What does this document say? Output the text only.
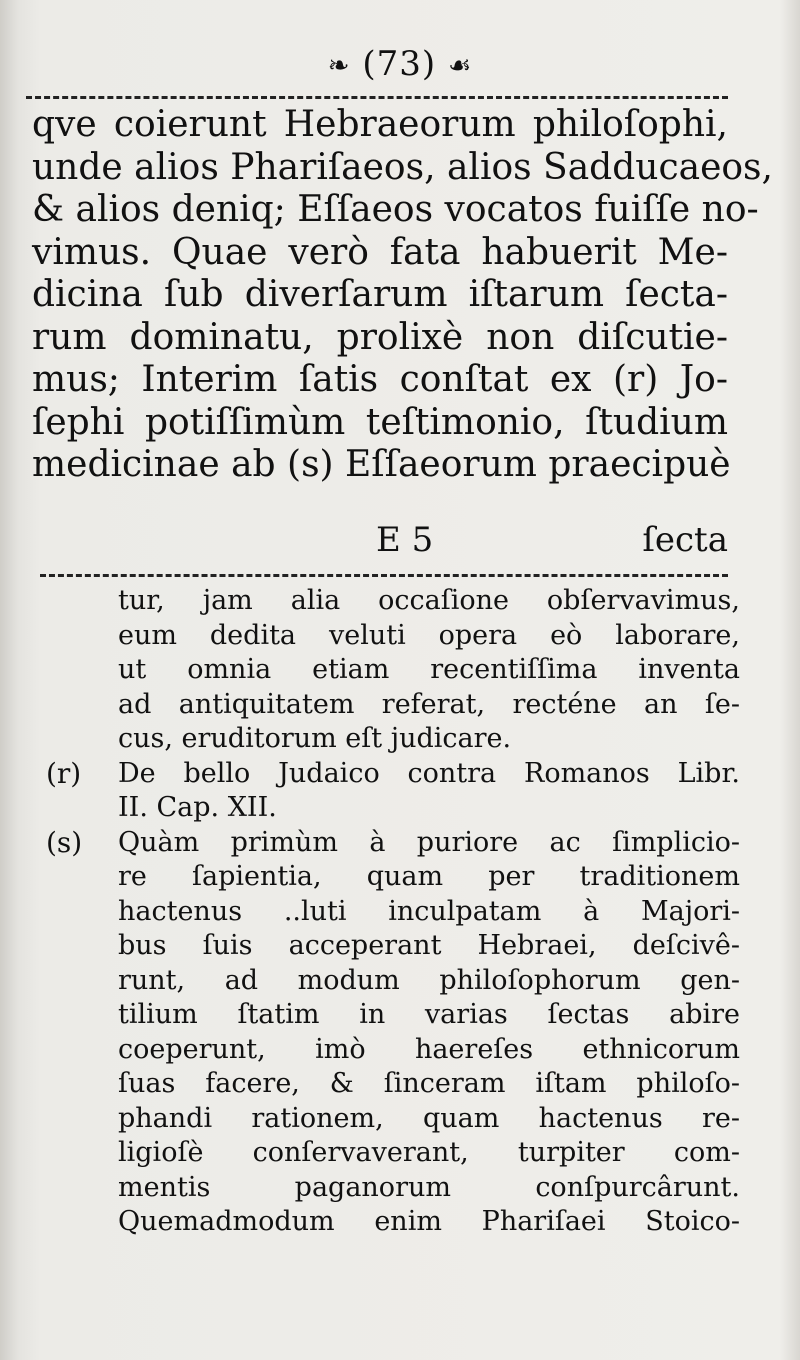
❧ (73) ☙
qve coierunt Hebraeorum philoſophi,
unde alios Phariſaeos, alios Sadducaeos,
& alios deniq; Eſſaeos vocatos fuiſſe no-
vimus. Quae verò fata habuerit Me-
dicina ſub diverſarum iſtarum ſecta-
rum dominatu, prolixè non diſcutie-
mus; Interim ſatis conſtat ex (r) Jo-
ſephi potiſſimùm teſtimonio, ſtudium
medicinae ab (s) Eſſaeorum praecipuè
E 5	ſecta
tur, jam alia occaſione obſervavimus,
eum dedita veluti opera eò laborare,
ut omnia etiam recentiſſima inventa
ad antiquitatem referat, recténe an ſe-
cus, eruditorum eſt judicare.
(r)	De bello Judaico contra Romanos Libr.
II. Cap. XII.
(s)	Quàm primùm à puriore ac ſimplicio-
re ſapientia, quam per traditionem
hactenus ..luti inculpatam à Majori-
bus ſuis acceperant Hebraei, deſcivê-
runt, ad modum philoſophorum gen-
tilium ſtatim in varias ſectas abire
coeperunt, imò haereſes ethnicorum
ſuas facere, & ſinceram iſtam philoſo-
phandi rationem, quam hactenus re-
ligioſè conſervaverant, turpiter com-
mentis paganorum conſpurcârunt.
Quemadmodum enim Phariſaei Stoico-
